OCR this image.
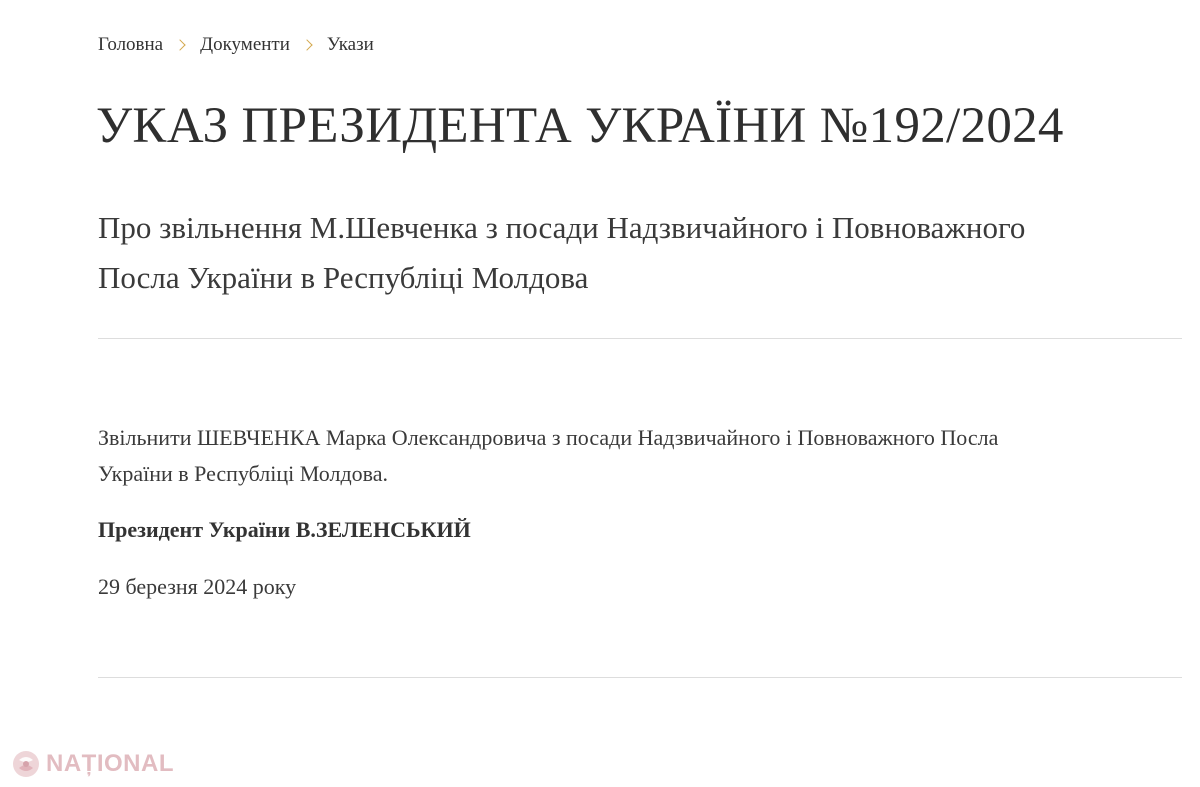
Головна Документи Укази
УКАЗ ПРЕЗИДЕНТА УКРАЇНИ №192/2024
Про звільнення М.Шевченка з посади Надзвичайного і Повноважного Посла України в Республіці Молдова

Звільнити ШЕВЧЕНКА Марка Олександровича з посади Надзвичайного і Повноважного Посла України в Республіці Молдова.

Президент України В.ЗЕЛЕНСЬКИЙ

29 березня 2024 року

NAȚIONAL
